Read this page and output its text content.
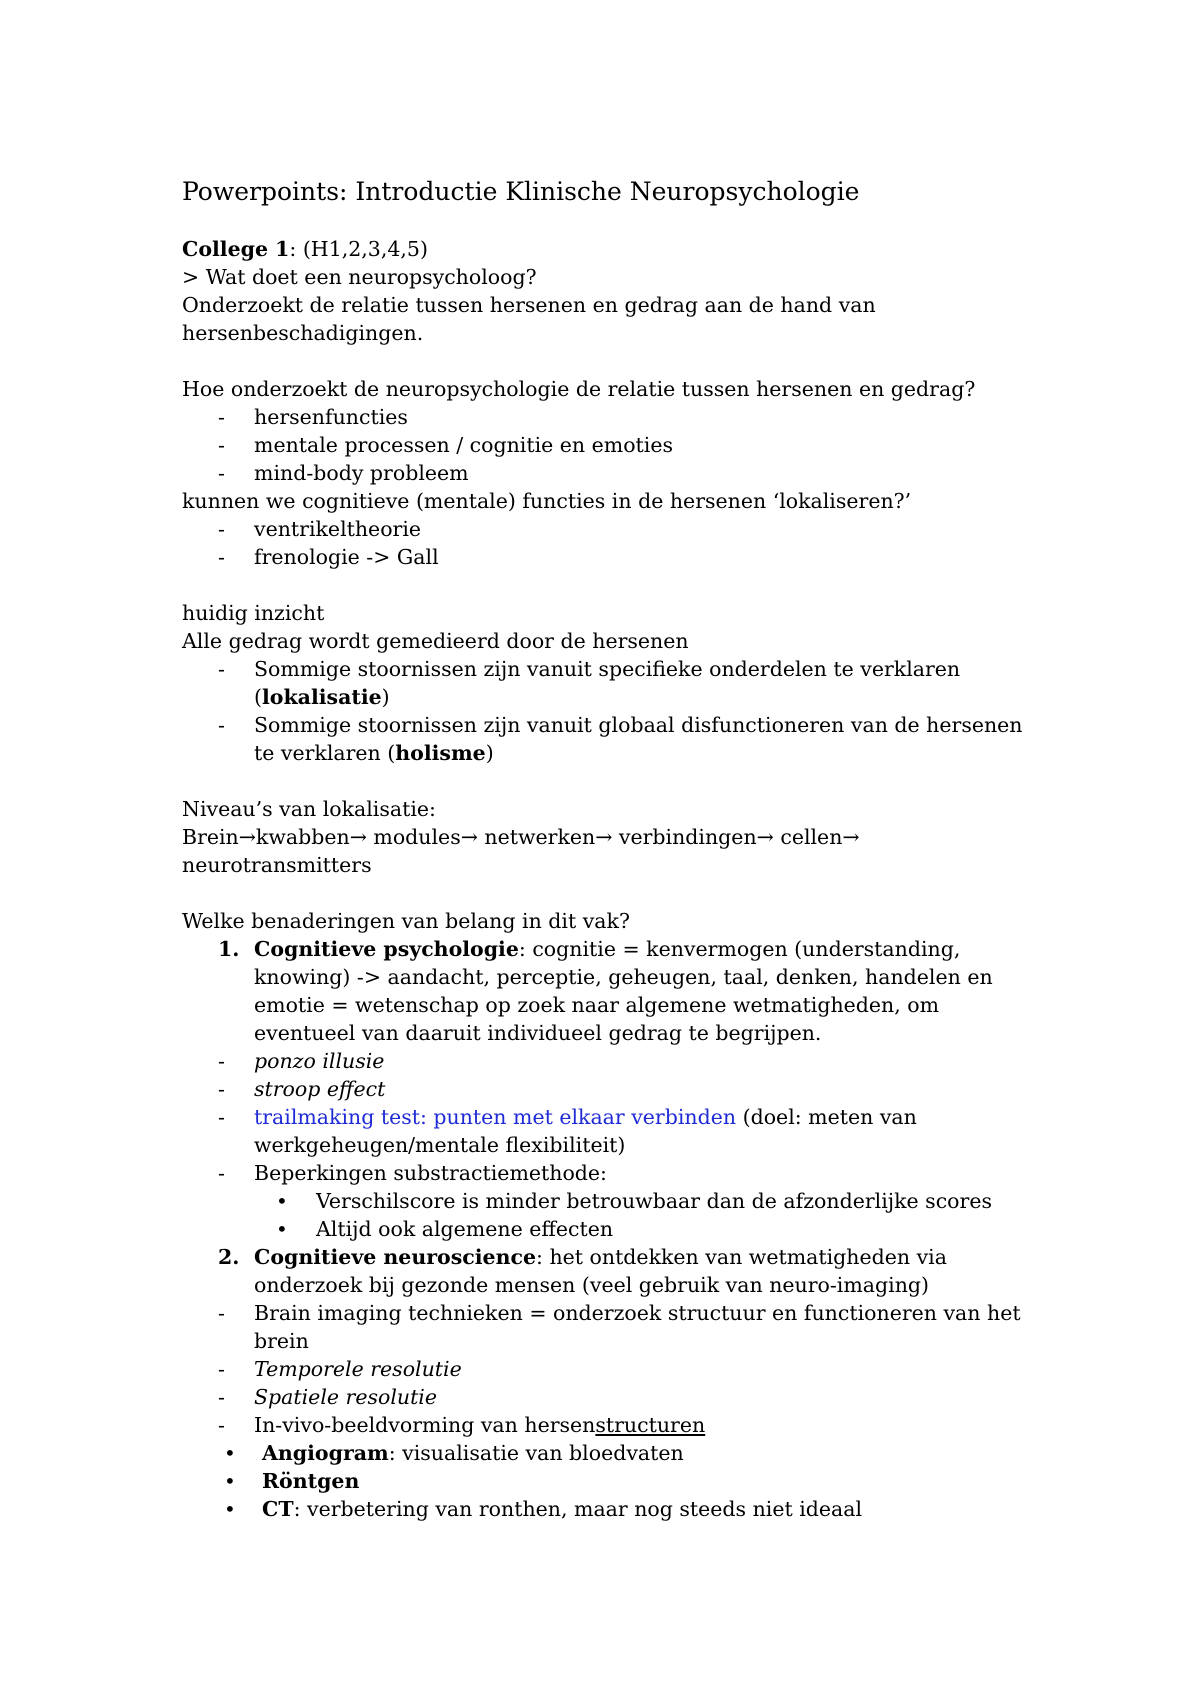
Powerpoints: Introductie Klinische Neuropsychologie
College 1: (H1,2,3,4,5)
> Wat doet een neuropsycholoog?
Onderzoekt de relatie tussen hersenen en gedrag aan de hand van
hersenbeschadigingen.
Hoe onderzoekt de neuropsychologie de relatie tussen hersenen en gedrag?
- hersenfuncties
- mentale processen / cognitie en emoties
- mind-body probleem
kunnen we cognitieve (mentale) functies in de hersenen ‘lokaliseren?’
- ventrikeltheorie
- frenologie -> Gall
huidig inzicht
Alle gedrag wordt gemedieerd door de hersenen
- Sommige stoornissen zijn vanuit specifieke onderdelen te verklaren
(lokalisatie)
- Sommige stoornissen zijn vanuit globaal disfunctioneren van de hersenen
te verklaren (holisme)
Niveau’s van lokalisatie:
Brein→kwabben→ modules→ netwerken→ verbindingen→ cellen→
neurotransmitters
Welke benaderingen van belang in dit vak?
1. Cognitieve psychologie: cognitie = kenvermogen (understanding,
knowing) -> aandacht, perceptie, geheugen, taal, denken, handelen en
emotie = wetenschap op zoek naar algemene wetmatigheden, om
eventueel van daaruit individueel gedrag te begrijpen.
- ponzo illusie
- stroop effect
- trailmaking test: punten met elkaar verbinden (doel: meten van
werkgeheugen/mentale flexibiliteit)
- Beperkingen substractiemethode:
• Verschilscore is minder betrouwbaar dan de afzonderlijke scores
• Altijd ook algemene effecten
2. Cognitieve neuroscience: het ontdekken van wetmatigheden via
onderzoek bij gezonde mensen (veel gebruik van neuro-imaging)
- Brain imaging technieken = onderzoek structuur en functioneren van het
brein
- Temporele resolutie
- Spatiele resolutie
- In-vivo-beeldvorming van hersenstructuren
• Angiogram: visualisatie van bloedvaten
• Röntgen
• CT: verbetering van ronthen, maar nog steeds niet ideaal
